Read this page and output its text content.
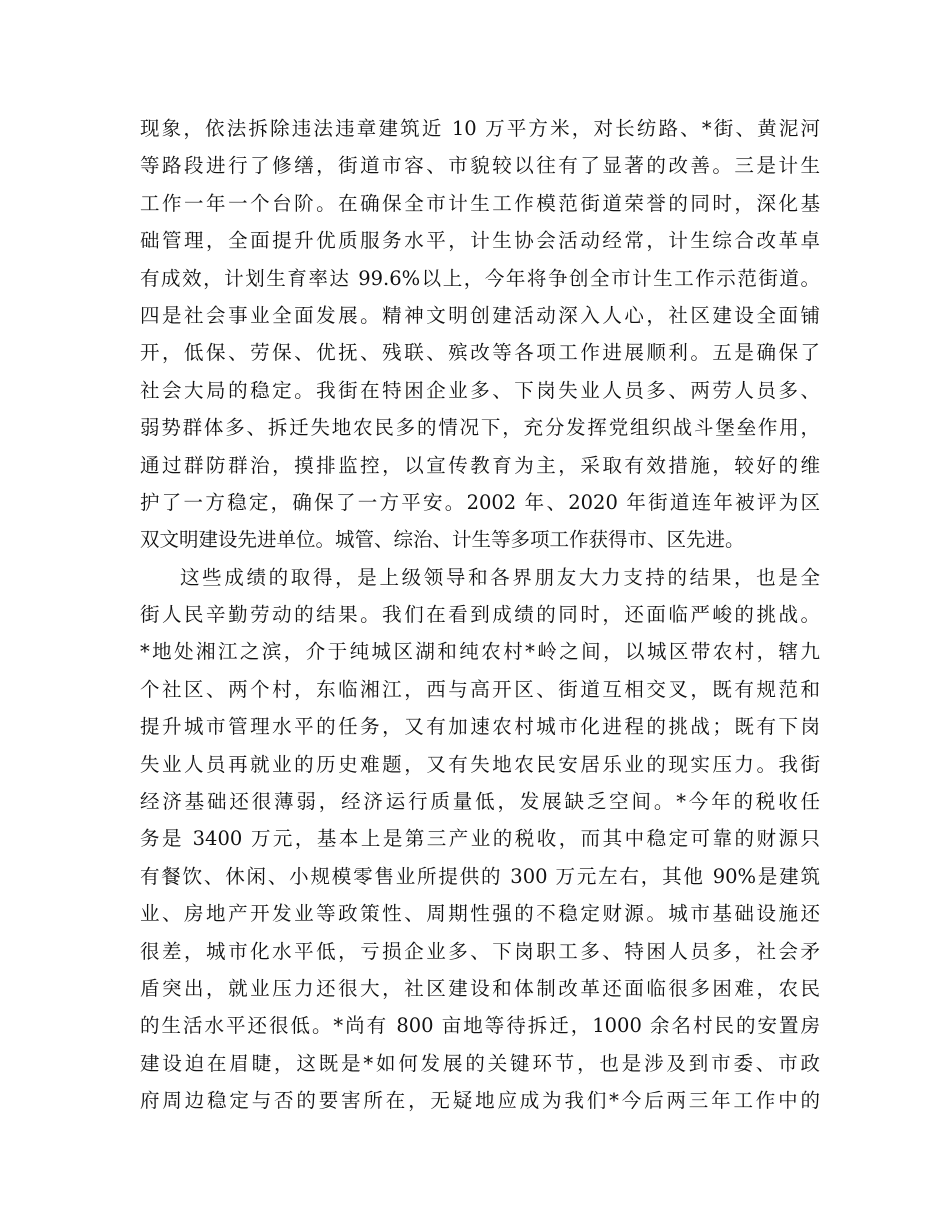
现象，依法拆除违法违章建筑近 10 万平方米，对长纺路、*街、黄泥河
等路段进行了修缮，街道市容、市貌较以往有了显著的改善。三是计生
工作一年一个台阶。在确保全市计生工作模范街道荣誉的同时，深化基
础管理，全面提升优质服务水平，计生协会活动经常，计生综合改革卓
有成效，计划生育率达 99.6%以上，今年将争创全市计生工作示范街道。
四是社会事业全面发展。精神文明创建活动深入人心，社区建设全面铺
开，低保、劳保、优抚、残联、殡改等各项工作进展顺利。五是确保了
社会大局的稳定。我街在特困企业多、下岗失业人员多、两劳人员多、
弱势群体多、拆迁失地农民多的情况下，充分发挥党组织战斗堡垒作用，
通过群防群治，摸排监控，以宣传教育为主，采取有效措施，较好的维
护了一方稳定，确保了一方平安。2002 年、2020 年街道连年被评为区
双文明建设先进单位。城管、综治、计生等多项工作获得市、区先进。
这些成绩的取得，是上级领导和各界朋友大力支持的结果，也是全
街人民辛勤劳动的结果。我们在看到成绩的同时，还面临严峻的挑战。
*地处湘江之滨，介于纯城区湖和纯农村*岭之间，以城区带农村，辖九
个社区、两个村，东临湘江，西与高开区、街道互相交叉，既有规范和
提升城市管理水平的任务，又有加速农村城市化进程的挑战；既有下岗
失业人员再就业的历史难题，又有失地农民安居乐业的现实压力。我街
经济基础还很薄弱，经济运行质量低，发展缺乏空间。*今年的税收任
务是 3400 万元，基本上是第三产业的税收，而其中稳定可靠的财源只
有餐饮、休闲、小规模零售业所提供的 300 万元左右，其他 90%是建筑
业、房地产开发业等政策性、周期性强的不稳定财源。城市基础设施还
很差，城市化水平低，亏损企业多、下岗职工多、特困人员多，社会矛
盾突出，就业压力还很大，社区建设和体制改革还面临很多困难，农民
的生活水平还很低。*尚有 800 亩地等待拆迁，1000 余名村民的安置房
建设迫在眉睫，这既是*如何发展的关键环节，也是涉及到市委、市政
府周边稳定与否的要害所在，无疑地应成为我们*今后两三年工作中的
